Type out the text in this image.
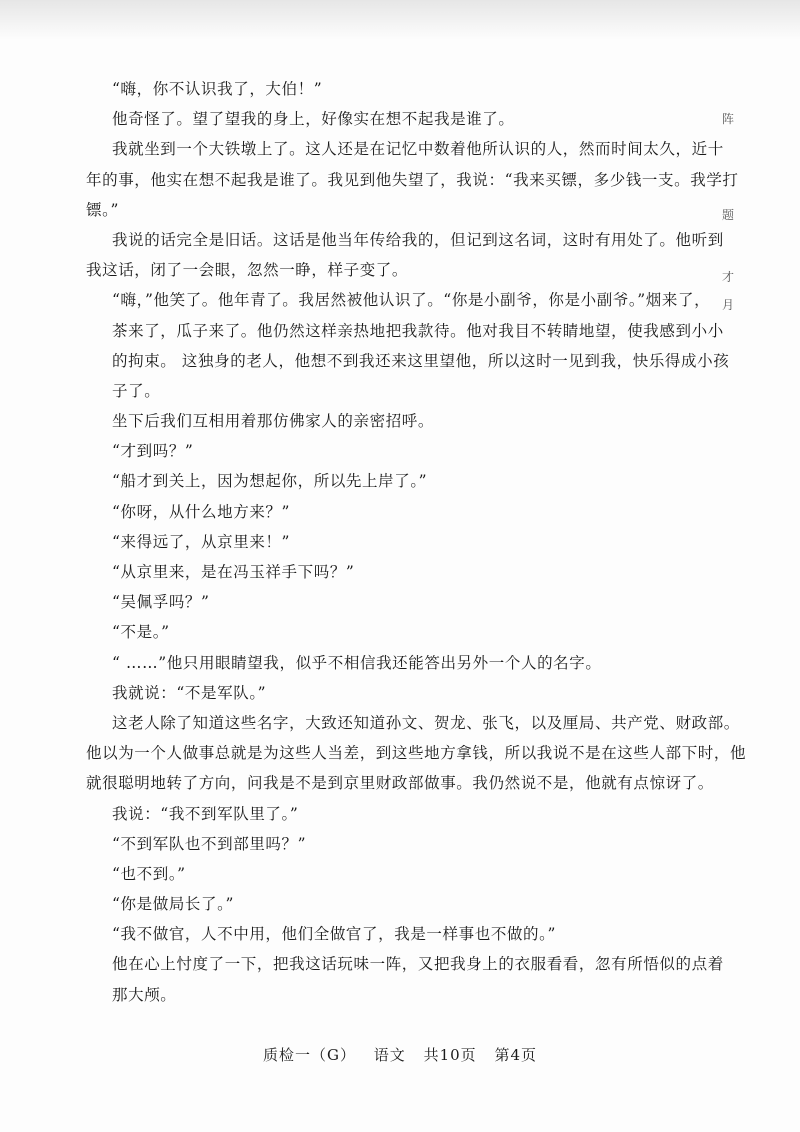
“嗨，你不认识我了，大伯！”
他奇怪了。望了望我的身上，好像实在想不起我是谁了。
我就坐到一个大铁墩上了。这人还是在记忆中数着他所认识的人，然而时间太久，近十
年的事，他实在想不起我是谁了。我见到他失望了，我说：“我来买镖，多少钱一支。我学打
镖。”
我说的话完全是旧话。这话是他当年传给我的，但记到这名词，这时有用处了。他听到
我这话，闭了一会眼，忽然一睁，样子变了。
“嗨，”他笑了。他年青了。我居然被他认识了。“你是小副爷，你是小副爷。”烟来了，
茶来了，瓜子来了。他仍然这样亲热地把我款待。他对我目不转睛地望，使我感到小小
的拘束。 这独身的老人，他想不到我还来这里望他，所以这时一见到我，快乐得成小孩
子了。
坐下后我们互相用着那仿佛家人的亲密招呼。
“才到吗？”
“船才到关上，因为想起你，所以先上岸了。”
“你呀，从什么地方来？”
“来得远了，从京里来！”
“从京里来，是在冯玉祥手下吗？”
“吴佩孚吗？”
“不是。”
“ ……”他只用眼睛望我，似乎不相信我还能答出另外一个人的名字。
我就说：“不是军队。”
这老人除了知道这些名字，大致还知道孙文、贺龙、张飞，以及厘局、共产党、财政部。
他以为一个人做事总就是为这些人当差，到这些地方拿钱，所以我说不是在这些人部下时，他
就很聪明地转了方向，问我是不是到京里财政部做事。我仍然说不是，他就有点惊讶了。
我说：“我不到军队里了。”
“不到军队也不到部里吗？”
“也不到。”
“你是做局长了。”
“我不做官，人不中用，他们全做官了，我是一样事也不做的。”
他在心上忖度了一下，把我这话玩味一阵，又把我身上的衣服看看，忽有所悟似的点着
那大颅。
阵
题
才
月
质检一（G） 语文 共10页 第4页
